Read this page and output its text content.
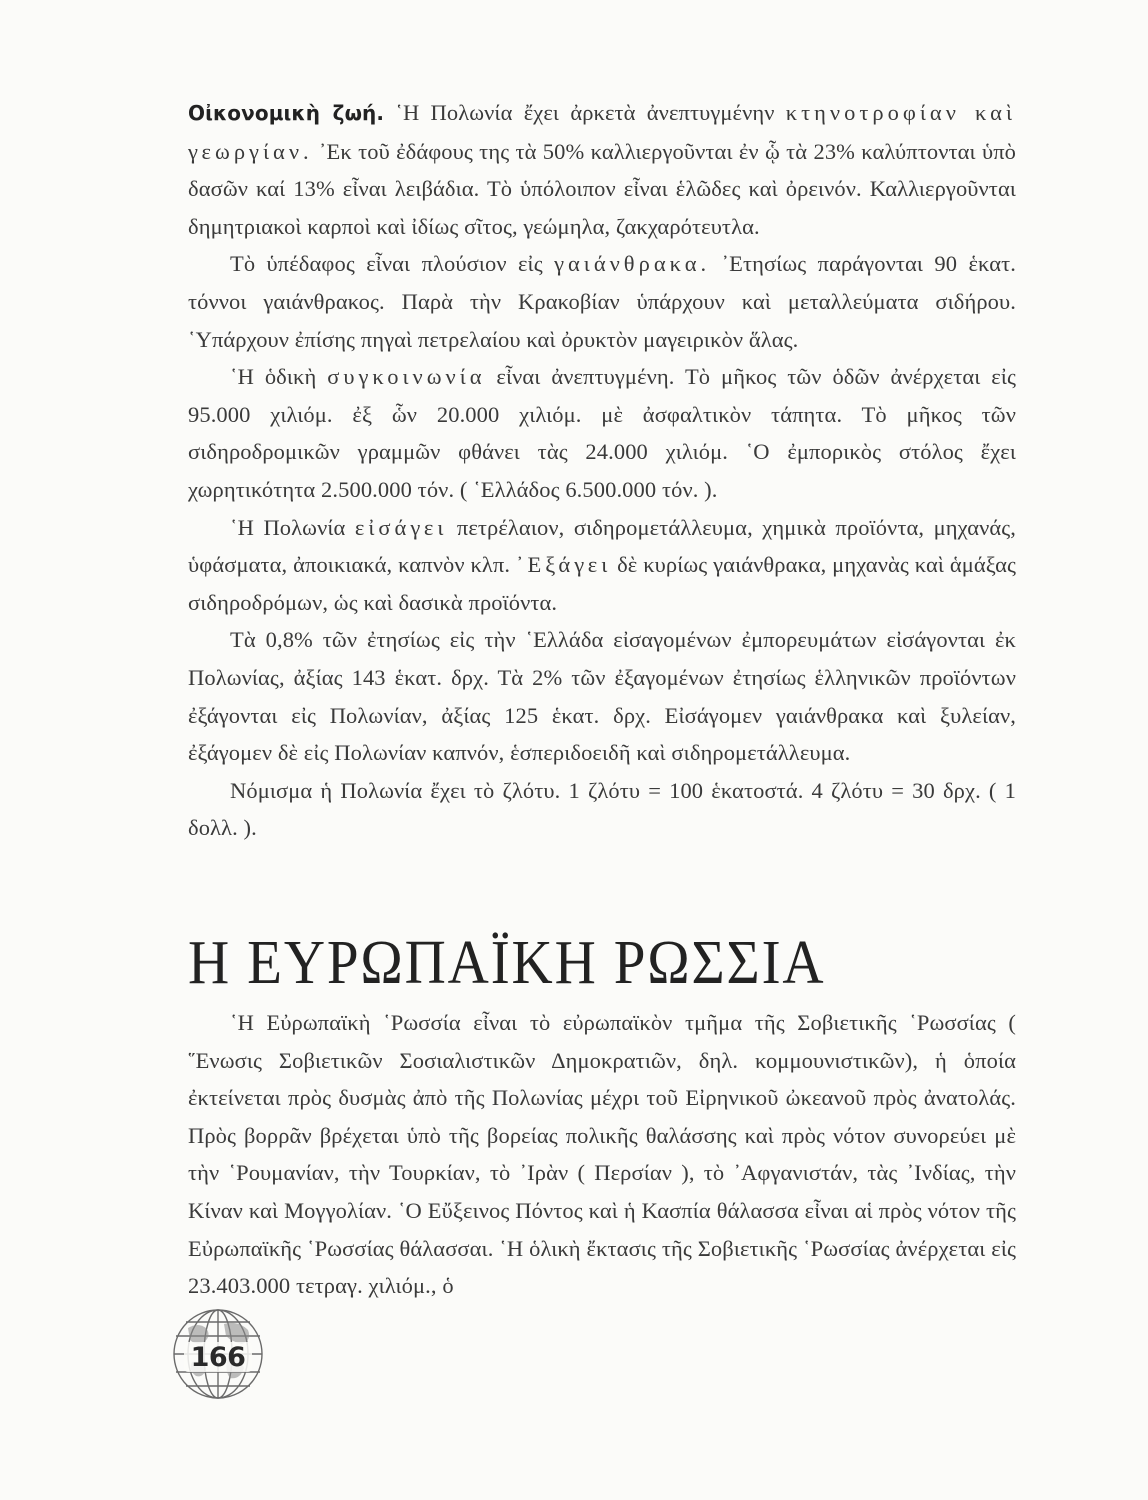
Οἰκονομικὴ ζωή. ῾Η Πολωνία ἔχει ἀρκετὰ ἀνεπτυγμένην κτηνοτροφίαν καὶ γεωργίαν. ᾿Εκ τοῦ ἐδάφους της τὰ 50% καλλιεργοῦνται ἐν ᾧ τὰ 23% καλύπτονται ὑπὸ δασῶν καί 13% εἶναι λειβάδια. Τὸ ὑπόλοιπον εἶναι ἑλῶδες καὶ ὀρεινόν. Καλλιεργοῦνται δημητριακοὶ καρποὶ καὶ ἰδίως σῖτος, γεώμηλα, ζακχαρότευτλα.

Τὸ ὑπέδαφος εἶναι πλούσιον εἰς γαιάνθρακα. ᾿Ετησίως παράγονται 90 ἑκατ. τόννοι γαιάνθρακος. Παρὰ τὴν Κρακοβίαν ὑπάρχουν καὶ μεταλλεύματα σιδήρου. ῾Υπάρχουν ἐπίσης πηγαὶ πετρελαίου καὶ ὀρυκτὸν μαγειρικὸν ἅλας.

῾Η ὁδικὴ συγκοινωνία εἶναι ἀνεπτυγμένη. Τὸ μῆκος τῶν ὁδῶν ἀνέρχεται εἰς 95.000 χιλιόμ. ἐξ ὧν 20.000 χιλιόμ. μὲ ἀσφαλτικὸν τάπητα. Τὸ μῆκος τῶν σιδηροδρομικῶν γραμμῶν φθάνει τὰς 24.000 χιλιόμ. ῾Ο ἐμπορικὸς στόλος ἔχει χωρητικότητα 2.500.000 τόν. ( ῾Ελλάδος 6.500.000 τόν. ).

῾Η Πολωνία εἰσάγει πετρέλαιον, σιδηρομετάλλευμα, χημικὰ προϊόντα, μηχανάς, ὑφάσματα, ἀποικιακά, καπνὸν κλπ. ᾿Εξάγει δὲ κυρίως γαιάνθρακα, μηχανὰς καὶ ἁμάξας σιδηροδρόμων, ὡς καὶ δασικὰ προϊόντα.

Τὰ 0,8% τῶν ἐτησίως εἰς τὴν ῾Ελλάδα εἰσαγομένων ἐμπορευμάτων εἰσάγονται ἐκ Πολωνίας, ἀξίας 143 ἑκατ. δρχ. Τὰ 2% τῶν ἐξαγομένων ἐτησίως ἑλληνικῶν προϊόντων ἐξάγονται εἰς Πολωνίαν, ἀξίας 125 ἑκατ. δρχ. Εἰσάγομεν γαιάνθρακα καὶ ξυλείαν, ἐξάγομεν δὲ εἰς Πολωνίαν καπνόν, ἑσπεριδοειδῆ καὶ σιδηρομετάλλευμα.

Νόμισμα ἡ Πολωνία ἔχει τὸ ζλότυ. 1 ζλότυ = 100 ἑκατοστά. 4 ζλότυ = 30 δρχ. ( 1 δολλ. ).

Η ΕΥΡΩΠΑΪΚΗ ΡΩΣΣΙΑ

῾Η Εὐρωπαϊκὴ ῾Ρωσσία εἶναι τὸ εὐρωπαϊκὸν τμῆμα τῆς Σοβιετικῆς ῾Ρωσσίας ( ῞Ενωσις Σοβιετικῶν Σοσιαλιστικῶν Δημοκρατιῶν, δηλ. κομμουνιστικῶν), ἡ ὁποία ἐκτείνεται πρὸς δυσμὰς ἀπὸ τῆς Πολωνίας μέχρι τοῦ Εἰρηνικοῦ ὠκεανοῦ πρὸς ἀνατολάς. Πρὸς βορρᾶν βρέχεται ὑπὸ τῆς βορείας πολικῆς θαλάσσης καὶ πρὸς νότον συνορεύει μὲ τὴν ῾Ρουμανίαν, τὴν Τουρκίαν, τὸ ᾿Ιρὰν ( Περσίαν ), τὸ ᾿Αφγανιστάν, τὰς ᾿Ινδίας, τὴν Κίναν καὶ Μογγολίαν. ῾Ο Εὔξεινος Πόντος καὶ ἡ Κασπία θάλασσα εἶναι αἱ πρὸς νότον τῆς Εὐρωπαϊκῆς ῾Ρωσσίας θάλασσαι. ῾Η ὁλικὴ ἔκτασις τῆς Σοβιετικῆς ῾Ρωσσίας ἀνέρχεται εἰς 23.403.000 τετραγ. χιλιόμ., ὁ

166
